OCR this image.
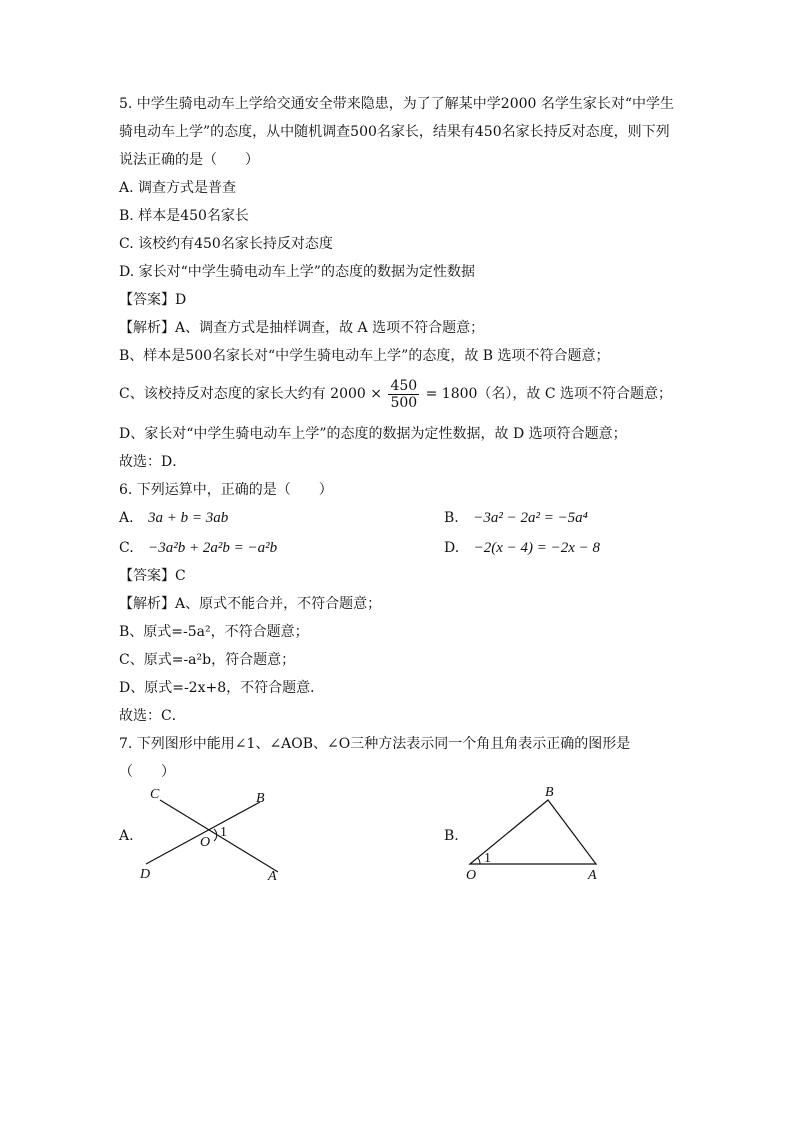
5. 中学生骑电动车上学给交通安全带来隐患，为了了解某中学2000 名学生家长对“中学生
骑电动车上学”的态度，从中随机调查500名家长，结果有450名家长持反对态度，则下列
说法正确的是（　　）
A. 调查方式是普查
B. 样本是450名家长
C. 该校约有450名家长持反对态度
D. 家长对“中学生骑电动车上学”的态度的数据为定性数据
【答案】D
【解析】A、调查方式是抽样调查，故 A 选项不符合题意；
B、样本是500名家长对“中学生骑电动车上学”的态度，故 B 选项不符合题意；
C、该校持反对态度的家长大约有 $2000 \times \frac{450}{500} = 1800$（名），故 C 选项不符合题意；
D、家长对“中学生骑电动车上学”的态度的数据为定性数据，故 D 选项符合题意；
故选：D．
6. 下列运算中，正确的是（　　）
A. 3a + b = 3ab	B. −3a² − 2a² = −5a⁴
C. −3a²b + 2a²b = −a²b	D. −2(x − 4) = −2x − 8
【答案】C
【解析】A、原式不能合并，不符合题意；
B、原式=-5a²，不符合题意；
C、原式=-a²b，符合题意；
D、原式=-2x+8，不符合题意．
故选：C．
7. 下列图形中能用∠1、∠AOB、∠O三种方法表示同一个角且角表示正确的图形是
（　　）
A.
C	B
O
1
D	A
B.
B
O
1
A
